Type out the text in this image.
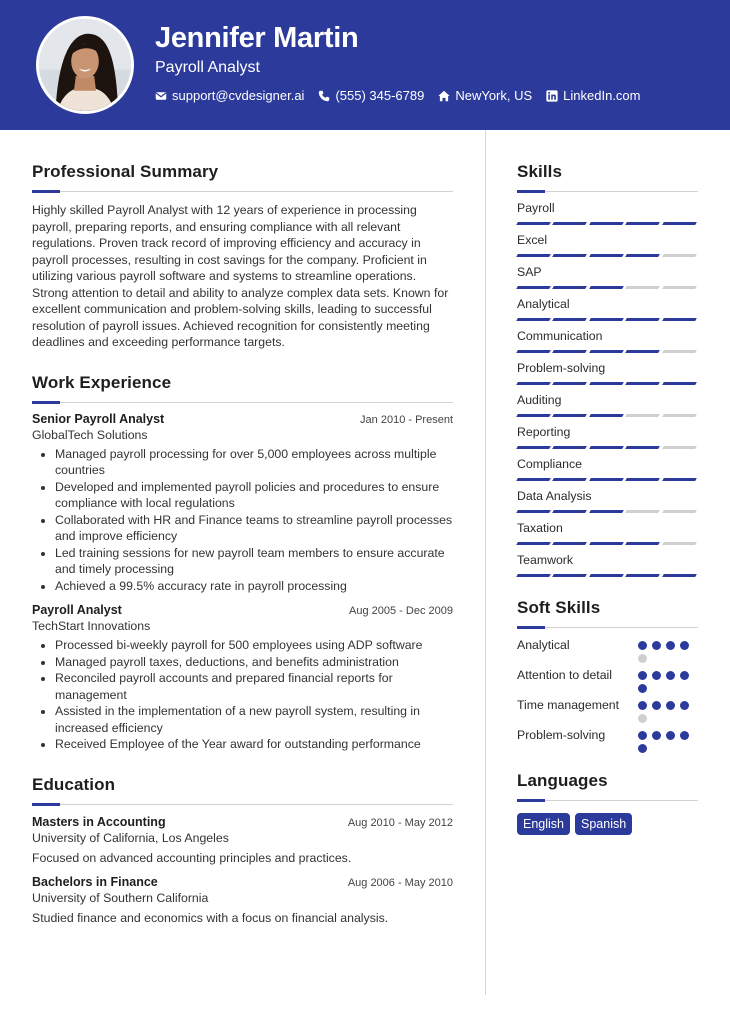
Jennifer Martin
Payroll Analyst
support@cvdesigner.ai (555) 345-6789 NewYork, US LinkedIn.com
Professional Summary

Highly skilled Payroll Analyst with 12 years of experience in processing payroll, preparing reports, and ensuring compliance with all relevant regulations. Proven track record of improving efficiency and accuracy in payroll processes, resulting in cost savings for the company. Proficient in utilizing various payroll software and systems to streamline operations. Strong attention to detail and ability to analyze complex data sets. Known for excellent communication and problem-solving skills, leading to successful resolution of payroll issues. Achieved recognition for consistently meeting deadlines and exceeding performance targets.

Work Experience
Senior Payroll Analyst	Jan 2010 - Present
GlobalTech Solutions
• Managed payroll processing for over 5,000 employees across multiple countries
• Developed and implemented payroll policies and procedures to ensure compliance with local regulations
• Collaborated with HR and Finance teams to streamline payroll processes and improve efficiency
• Led training sessions for new payroll team members to ensure accurate and timely processing
• Achieved a 99.5% accuracy rate in payroll processing
Payroll Analyst	Aug 2005 - Dec 2009
TechStart Innovations
• Processed bi-weekly payroll for 500 employees using ADP software
• Managed payroll taxes, deductions, and benefits administration
• Reconciled payroll accounts and prepared financial reports for management
• Assisted in the implementation of a new payroll system, resulting in increased efficiency
• Received Employee of the Year award for outstanding performance
Education
Masters in Accounting	Aug 2010 - May 2012
University of California, Los Angeles
Focused on advanced accounting principles and practices.
Bachelors in Finance	Aug 2006 - May 2010
University of Southern California
Studied finance and economics with a focus on financial analysis.
Skills
Payroll
Excel
SAP
Analytical
Communication
Problem-solving
Auditing
Reporting
Compliance
Data Analysis
Taxation
Teamwork
Soft Skills
Analytical
Attention to detail
Time management
Problem-solving
Languages
English	Spanish
